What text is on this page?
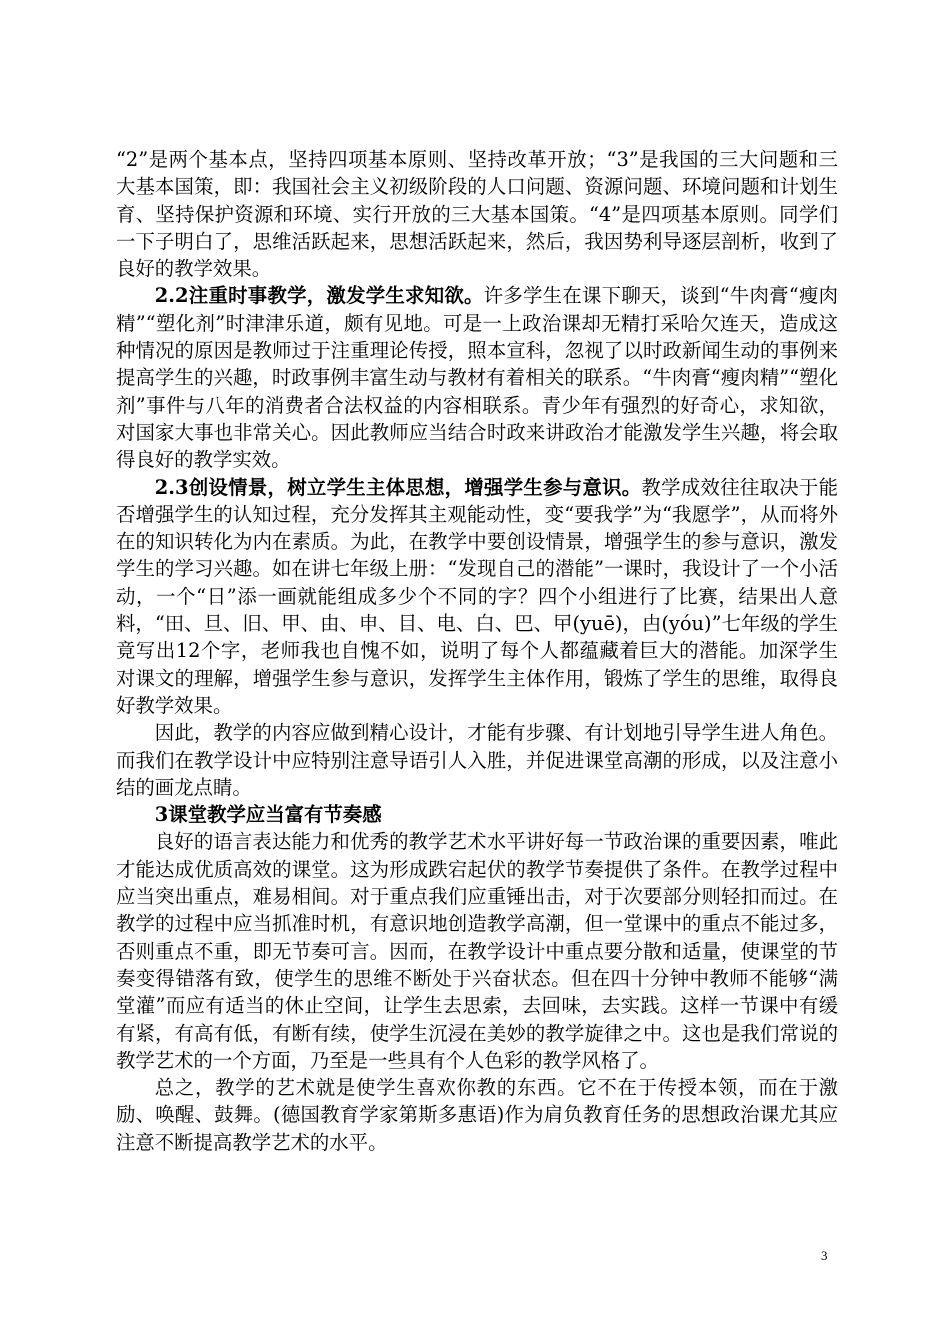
“2”是两个基本点，坚持四项基本原则、坚持改革开放；“3”是我国的三大问题和三大基本国策，即：我国社会主义初级阶段的人口问题、资源问题、环境问题和计划生育、坚持保护资源和环境、实行开放的三大基本国策。“4”是四项基本原则。同学们一下子明白了，思维活跃起来，思想活跃起来，然后，我因势利导逐层剖析，收到了良好的教学效果。

2.2注重时事教学，激发学生求知欲。许多学生在课下聊天，谈到“牛肉膏“瘦肉精”“塑化剂”时津津乐道，颇有见地。可是一上政治课却无精打采哈欠连天，造成这种情况的原因是教师过于注重理论传授，照本宣科，忽视了以时政新闻生动的事例来提高学生的兴趣，时政事例丰富生动与教材有着相关的联系。“牛肉膏“瘦肉精”“塑化剂”事件与八年的消费者合法权益的内容相联系。青少年有强烈的好奇心，求知欲，对国家大事也非常关心。因此教师应当结合时政来讲政治才能激发学生兴趣，将会取得良好的教学实效。

2.3创设情景，树立学生主体思想，增强学生参与意识。教学成效往往取决于能否增强学生的认知过程，充分发挥其主观能动性，变“要我学”为“我愿学”，从而将外在的知识转化为内在素质。为此，在教学中要创设情景，增强学生的参与意识，激发学生的学习兴趣。如在讲七年级上册：“发现自己的潜能”一课时，我设计了一个小活动，一个“日”添一画就能组成多少个不同的字？四个小组进行了比赛，结果出人意料，“田、旦、旧、甲、由、申、目、电、白、巴、曱(yuē)，甴(yóu)”七年级的学生竟写出12个字，老师我也自愧不如，说明了每个人都蕴藏着巨大的潜能。加深学生对课文的理解，增强学生参与意识，发挥学生主体作用，锻炼了学生的思维，取得良好教学效果。

因此，教学的内容应做到精心设计，才能有步骤、有计划地引导学生进人角色。而我们在教学设计中应特别注意导语引人入胜，并促进课堂高潮的形成，以及注意小结的画龙点睛。

3课堂教学应当富有节奏感

良好的语言表达能力和优秀的教学艺术水平讲好每一节政治课的重要因素，唯此才能达成优质高效的课堂。这为形成跌宕起伏的教学节奏提供了条件。在教学过程中应当突出重点，难易相间。对于重点我们应重锤出击，对于次要部分则轻扣而过。在教学的过程中应当抓准时机，有意识地创造教学高潮，但一堂课中的重点不能过多，否则重点不重，即无节奏可言。因而，在教学设计中重点要分散和适量，使课堂的节奏变得错落有致，使学生的思维不断处于兴奋状态。但在四十分钟中教师不能够“满堂灌”而应有适当的休止空间，让学生去思索，去回味，去实践。这样一节课中有缓有紧，有高有低，有断有续，使学生沉浸在美妙的教学旋律之中。这也是我们常说的教学艺术的一个方面，乃至是一些具有个人色彩的教学风格了。

总之，教学的艺术就是使学生喜欢你教的东西。它不在于传授本领，而在于激励、唤醒、鼓舞。(德国教育学家第斯多惠语)作为肩负教育任务的思想政治课尤其应注意不断提高教学艺术的水平。

3
